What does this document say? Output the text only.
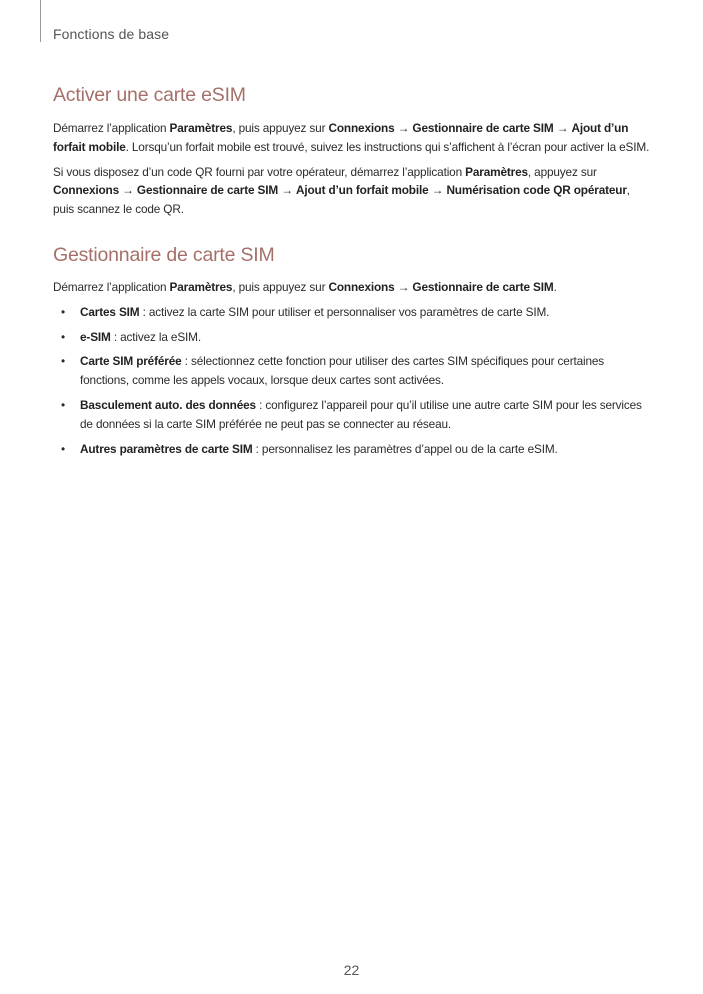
Fonctions de base
Activer une carte eSIM

Démarrez l’application Paramètres, puis appuyez sur Connexions → Gestionnaire de carte SIM → Ajout d’un forfait mobile. Lorsqu’un forfait mobile est trouvé, suivez les instructions qui s’affichent à l’écran pour activer la eSIM.

Si vous disposez d’un code QR fourni par votre opérateur, démarrez l’application Paramètres, appuyez sur Connexions → Gestionnaire de carte SIM → Ajout d’un forfait mobile → Numérisation code QR opérateur, puis scannez le code QR.

Gestionnaire de carte SIM

Démarrez l’application Paramètres, puis appuyez sur Connexions → Gestionnaire de carte SIM.

• Cartes SIM : activez la carte SIM pour utiliser et personnaliser vos paramètres de carte SIM.
• e-SIM : activez la eSIM.
• Carte SIM préférée : sélectionnez cette fonction pour utiliser des cartes SIM spécifiques pour certaines fonctions, comme les appels vocaux, lorsque deux cartes sont activées.
• Basculement auto. des données : configurez l’appareil pour qu’il utilise une autre carte SIM pour les services de données si la carte SIM préférée ne peut pas se connecter au réseau.
• Autres paramètres de carte SIM : personnalisez les paramètres d’appel ou de la carte eSIM.
22
